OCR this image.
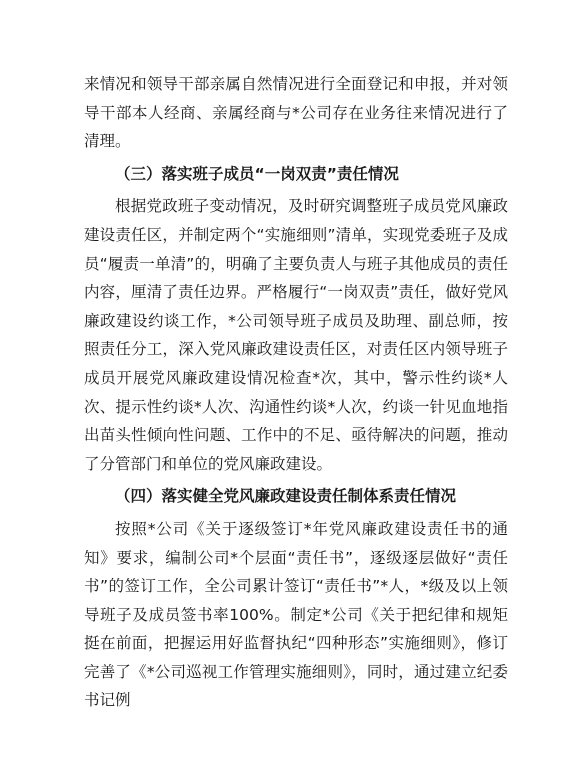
来情况和领导干部亲属自然情况进行全面登记和申报，并对领导干部本人经商、亲属经商与*公司存在业务往来情况进行了清理。

（三）落实班子成员“一岗双责”责任情况

根据党政班子变动情况，及时研究调整班子成员党风廉政建设责任区，并制定两个“实施细则”清单，实现党委班子及成员“履责一单清”的，明确了主要负责人与班子其他成员的责任内容，厘清了责任边界。严格履行“一岗双责”责任，做好党风廉政建设约谈工作，*公司领导班子成员及助理、副总师，按照责任分工，深入党风廉政建设责任区，对责任区内领导班子成员开展党风廉政建设情况检查*次，其中，警示性约谈*人次、提示性约谈*人次、沟通性约谈*人次，约谈一针见血地指出苗头性倾向性问题、工作中的不足、亟待解决的问题，推动了分管部门和单位的党风廉政建设。

（四）落实健全党风廉政建设责任制体系责任情况

按照*公司《关于逐级签订*年党风廉政建设责任书的通知》要求，编制公司*个层面“责任书”，逐级逐层做好“责任书”的签订工作，全公司累计签订“责任书”*人，*级及以上领导班子及成员签书率100%。制定*公司《关于把纪律和规矩挺在前面，把握运用好监督执纪“四种形态”实施细则》，修订完善了《*公司巡视工作管理实施细则》，同时，通过建立纪委书记例
